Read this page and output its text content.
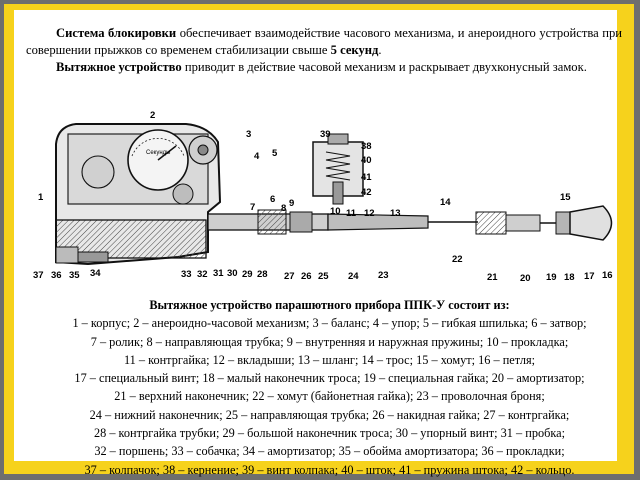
Система блокировки обеспечивает взаимодействие часового механизма, и анероидного устройства при совершении прыжков со временем стабилизации свыше 5 секунд.
Вытяжное устройство приводит в действие часовой механизм и раскрывает двухконусный замок.
Секунды
1
2
3
4 5
6
7	8 9
10 11 12 13
14	15
16
17
18
19
20
21
22
23
24
25
26
27
28
29
30
31
32
33
34
35
36
37
38
39
40
41
42
Вытяжное устройство парашютного прибора ППК-У состоит из:
1 – корпус; 2 – анероидно-часовой механизм; 3 – баланс; 4 – упор; 5 – гибкая шпилька; 6 – затвор;
7 – ролик; 8 – направляющая трубка; 9 – внутренняя и наружная пружины; 10 – прокладка;
11 – контргайка; 12 – вкладыши; 13 – шланг; 14 – трос; 15 – хомут; 16 – петля;
17 – специальный винт; 18 – малый наконечник троса; 19 – специальная гайка; 20 – амортизатор;
21 – верхний наконечник; 22 – хомут (байонетная гайка); 23 – проволочная броня;
24 – нижний наконечник; 25 – направляющая трубка; 26 – накидная гайка; 27 – контргайка;
28 – контргайка трубки; 29 – большой наконечник троса; 30 – упорный винт; 31 – пробка;
32 – поршень; 33 – собачка; 34 – амортизатор; 35 – обойма амортизатора; 36 – прокладки;
37 – колпачок; 38 – кернение; 39 – винт колпака; 40 – шток; 41 – пружина штока; 42 – кольцо.
